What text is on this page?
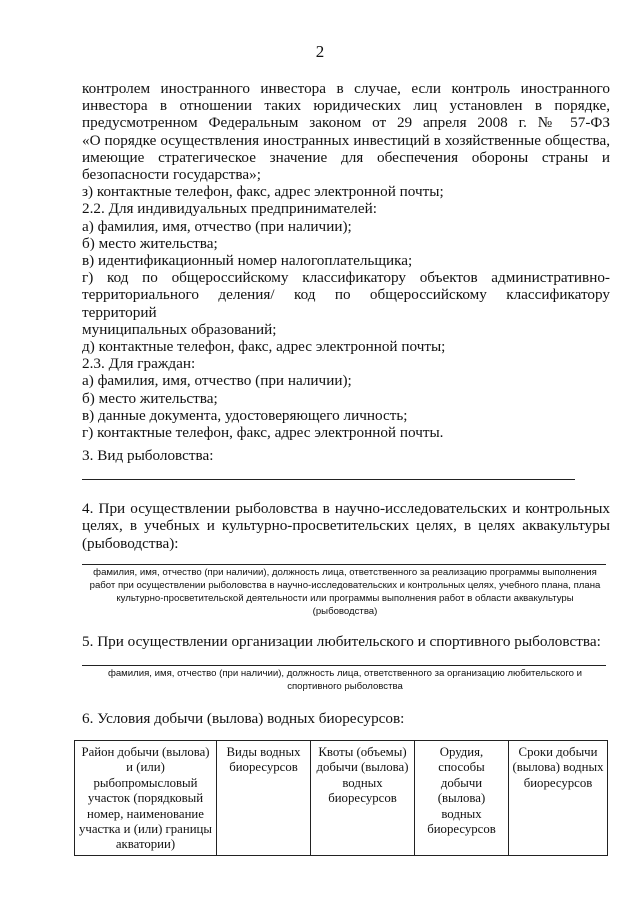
2
контролем иностранного инвестора в случае, если контроль иностранного
инвестора в отношении таких юридических лиц установлен в порядке,
предусмотренном Федеральным законом от 29 апреля 2008 г. № 57-ФЗ
«О порядке осуществления иностранных инвестиций в хозяйственные общества,
имеющие стратегическое значение для обеспечения обороны страны и
безопасности государства»;
з) контактные телефон, факс, адрес электронной почты;
2.2. Для индивидуальных предпринимателей:
а) фамилия, имя, отчество (при наличии);
б) место жительства;
в) идентификационный номер налогоплательщика;
г) код по общероссийскому классификатору объектов административно-
территориального деления/ код по общероссийскому классификатору территорий
муниципальных образований;
д) контактные телефон, факс, адрес электронной почты;
2.3. Для граждан:
а) фамилия, имя, отчество (при наличии);
б) место жительства;
в) данные документа, удостоверяющего личность;
г) контактные телефон, факс, адрес электронной почты.
3. Вид рыболовства:
4. При осуществлении рыболовства в научно-исследовательских и контрольных
целях, в учебных и культурно-просветительских целях, в целях аквакультуры
(рыбоводства):
фамилия, имя, отчество (при наличии), должность лица, ответственного за реализацию программы выполнения
работ при осуществлении рыболовства в научно-исследовательских и контрольных целях, учебного плана, плана
культурно-просветительской деятельности или программы выполнения работ в области аквакультуры
(рыбоводства)
5. При осуществлении организации любительского и спортивного рыболовства:
фамилия, имя, отчество (при наличии), должность лица, ответственного за организацию любительского и
спортивного рыболовства
6. Условия добычи (вылова) водных биоресурсов:
Район добычи (вылова) и (или) рыбопромысловый участок (порядковый номер, наименование участка и (или) границы акватории)	Виды водных биоресурсов	Квоты (объемы) добычи (вылова) водных биоресурсов	Орудия, способы добычи (вылова) водных биоресурсов	Сроки добычи (вылова) водных биоресурсов
